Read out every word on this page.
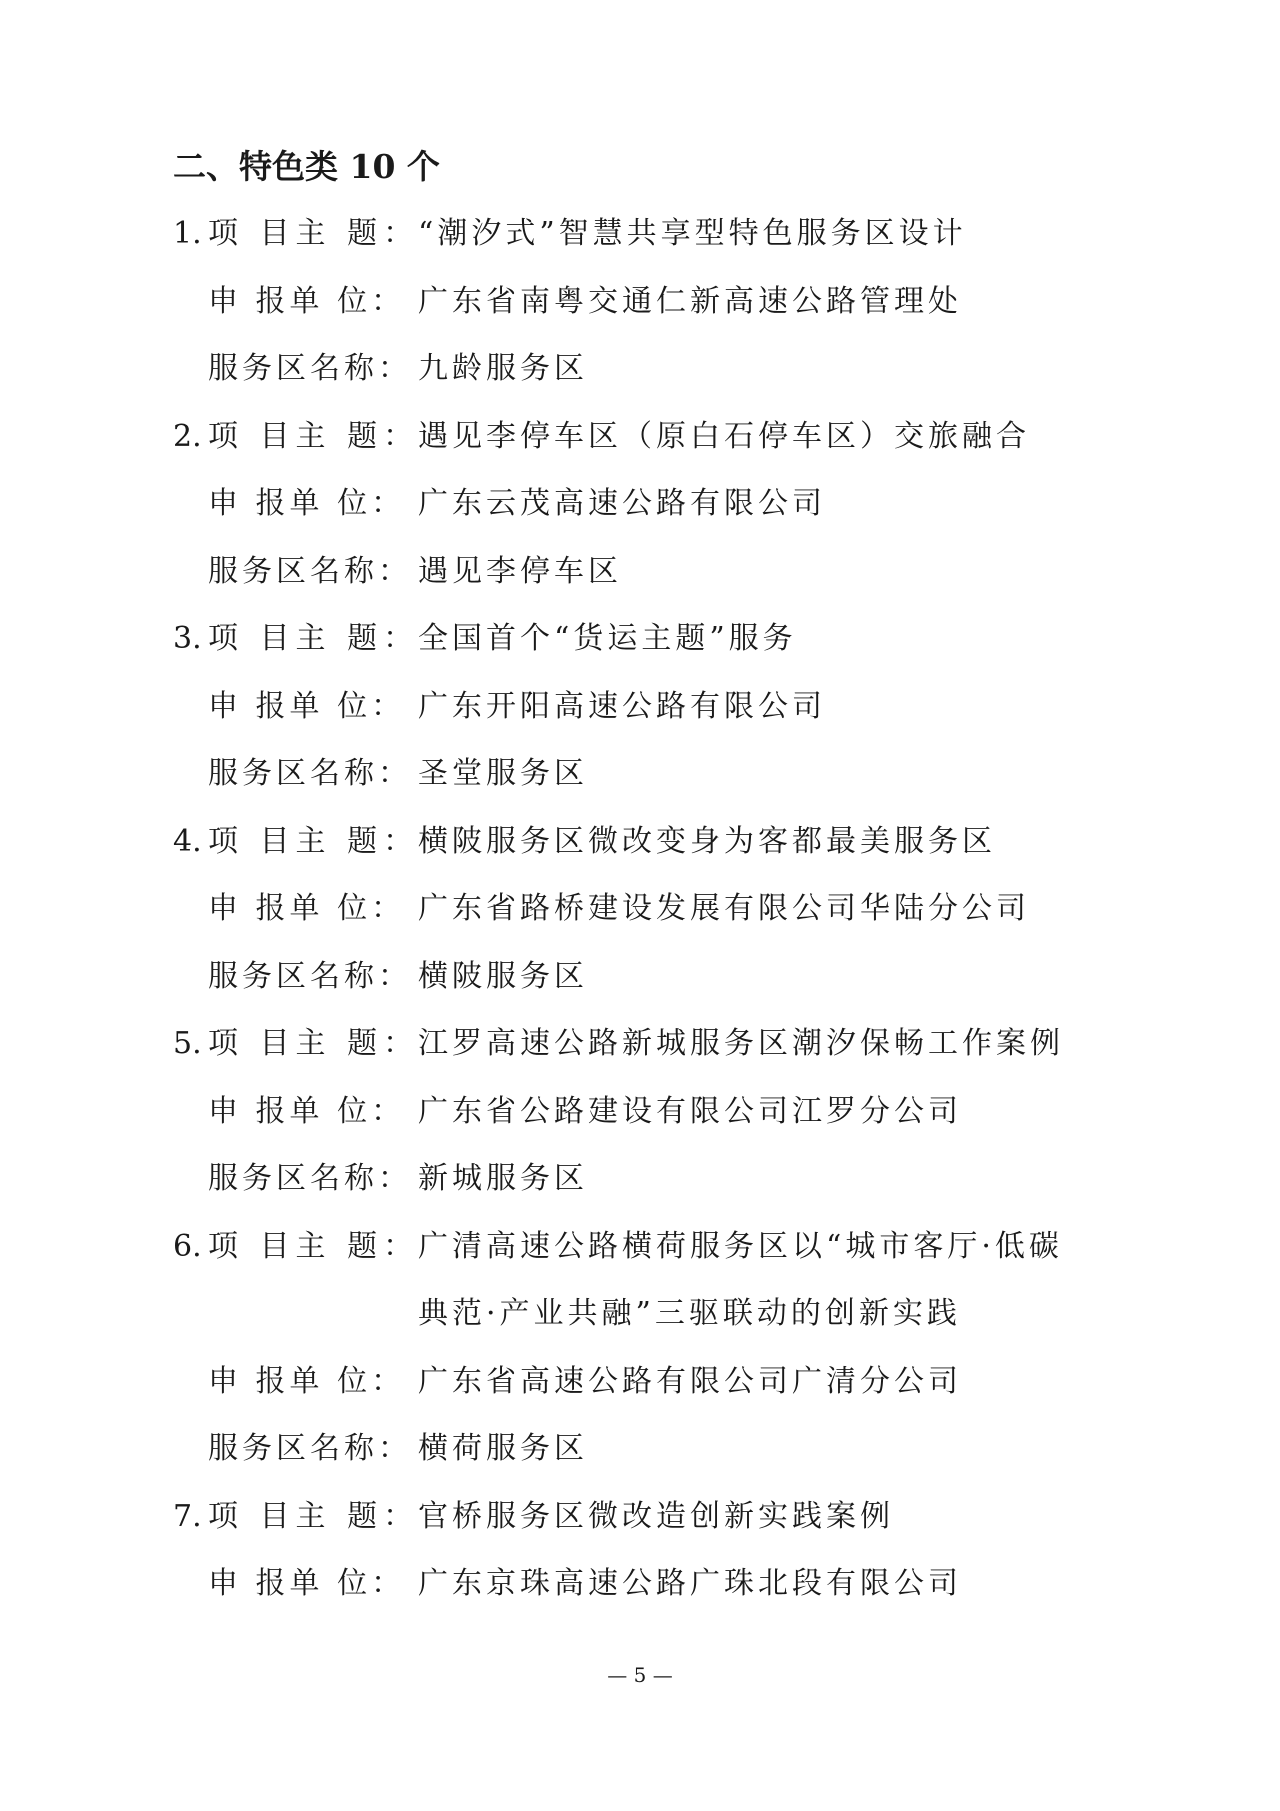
二、特色类 10 个
1. 项 目主 题：
“潮汐式”智慧共享型特色服务区设计
申 报单 位： 广东省南粤交通仁新高速公路管理处
服务区名称： 九龄服务区
2. 项 目主 题：
遇见李停车区（原白石停车区）交旅融合
申 报单 位： 广东云茂高速公路有限公司
服务区名称： 遇见李停车区
3. 项 目主 题：
全国首个“货运主题”服务
申 报单 位： 广东开阳高速公路有限公司
服务区名称： 圣堂服务区
4. 项 目主 题：
横陂服务区微改变身为客都最美服务区
申 报单 位： 广东省路桥建设发展有限公司华陆分公司
服务区名称： 横陂服务区
5. 项 目主 题：
江罗高速公路新城服务区潮汐保畅工作案例
申 报单 位： 广东省公路建设有限公司江罗分公司
服务区名称： 新城服务区
6. 项 目主 题：
广清高速公路横荷服务区以“城市客厅·低碳
典范·产业共融”三驱联动的创新实践
申 报单 位： 广东省高速公路有限公司广清分公司
服务区名称： 横荷服务区
7. 项 目主 题：
官桥服务区微改造创新实践案例
申 报单 位： 广东京珠高速公路广珠北段有限公司
— 5 —
